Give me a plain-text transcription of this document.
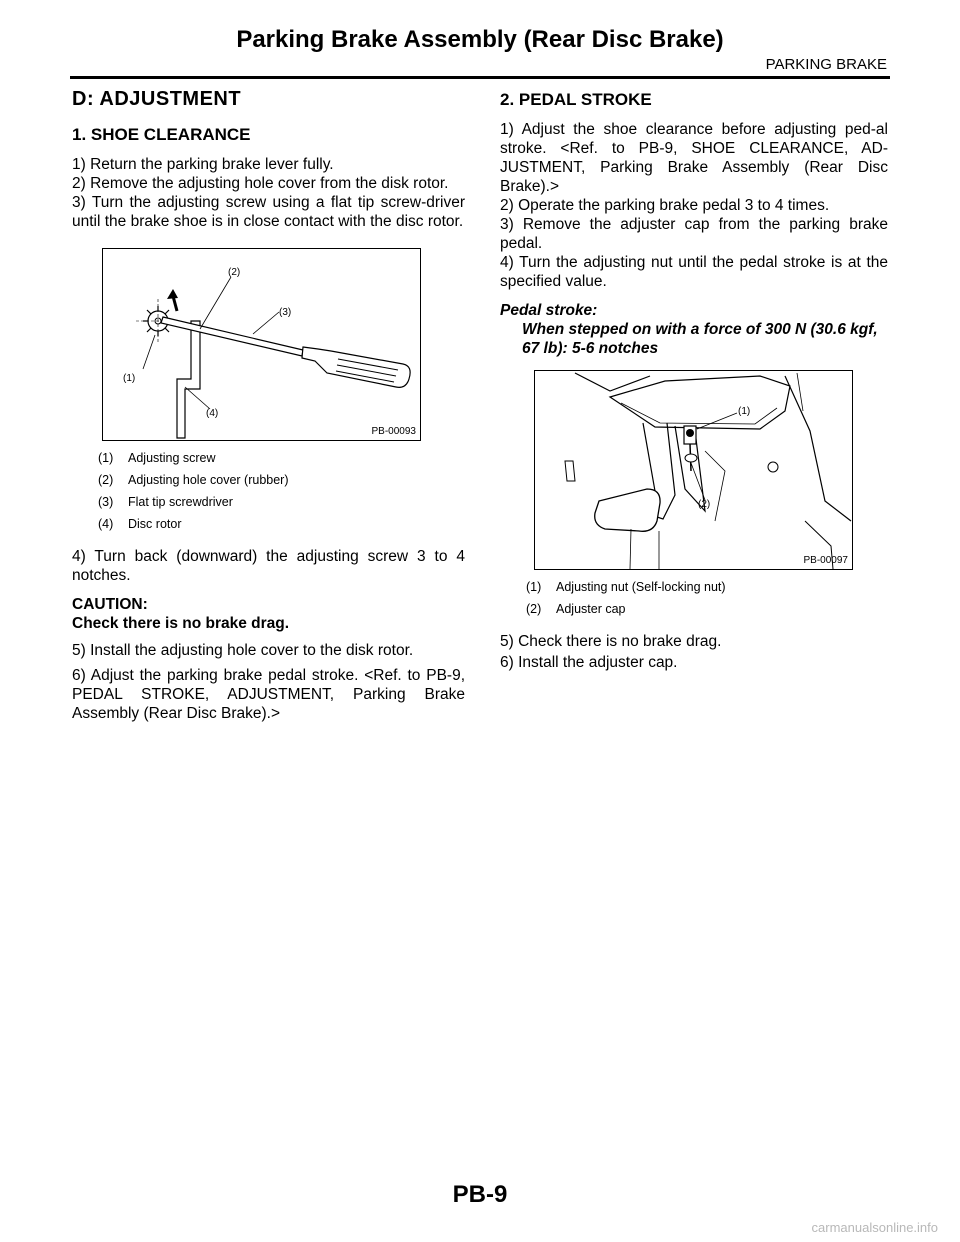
Parking Brake Assembly (Rear Disc Brake)
PARKING BRAKE
D: ADJUSTMENT
1. SHOE CLEARANCE

1) Return the parking brake lever fully.

2) Remove the adjusting hole cover from the disk rotor.

3) Turn the adjusting screw using a flat tip screw-driver until the brake shoe is in close contact with the disc rotor.

(2)
(3)
(1)
(4)
PB-00093
(1) Adjusting screw
(2) Adjusting hole cover (rubber)
(3) Flat tip screwdriver
(4) Disc rotor

4) Turn back (downward) the adjusting screw 3 to 4 notches.

CAUTION:
Check there is no brake drag.

5) Install the adjusting hole cover to the disk rotor.

6) Adjust the parking brake pedal stroke. <Ref. to PB-9, PEDAL STROKE, ADJUSTMENT, Parking Brake Assembly (Rear Disc Brake).>

2. PEDAL STROKE

1) Adjust the shoe clearance before adjusting ped-al stroke. <Ref. to PB-9, SHOE CLEARANCE, AD-JUSTMENT, Parking Brake Assembly (Rear Disc Brake).>

2) Operate the parking brake pedal 3 to 4 times.

3) Remove the adjuster cap from the parking brake pedal.

4) Turn the adjusting nut until the pedal stroke is at the specified value.

Pedal stroke:
When stepped on with a force of 300 N (30.6 kgf, 67 lb): 5-6 notches
(1)
(2)
PB-00097
(1) Adjusting nut (Self-locking nut)
(2) Adjuster cap

5) Check there is no brake drag.

6) Install the adjuster cap.

PB-9
carmanualsonline.info
